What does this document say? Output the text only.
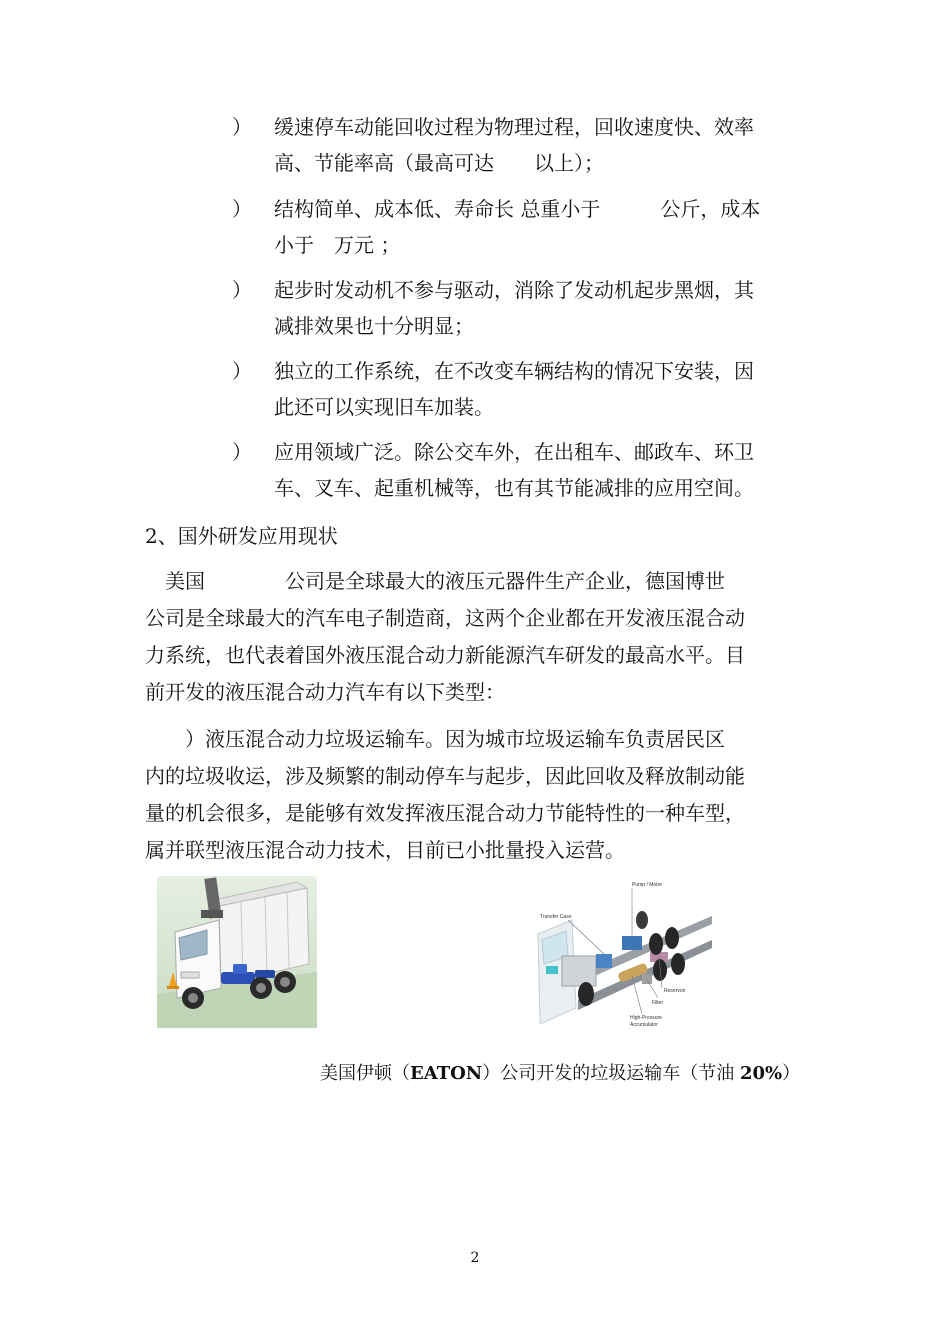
）	缓速停车动能回收过程为物理过程，回收速度快、效率
高、节能率高（最高可达　　以上）；
）	结构简单、成本低、寿命长 总重小于　　　公斤，成本
小于　万元 ；
）	起步时发动机不参与驱动，消除了发动机起步黑烟，其
减排效果也十分明显；
）	独立的工作系统，在不改变车辆结构的情况下安装，因
此还可以实现旧车加装。
）	应用领域广泛。除公交车外，在出租车、邮政车、环卫
车、叉车、起重机械等，也有其节能减排的应用空间。
2、国外研发应用现状
　美国　　　　公司是全球最大的液压元器件生产企业，德国博世
公司是全球最大的汽车电子制造商，这两个企业都在开发液压混合动
力系统，也代表着国外液压混合动力新能源汽车研发的最高水平。目
前开发的液压混合动力汽车有以下类型：
　　）液压混合动力垃圾运输车。因为城市垃圾运输车负责居民区
内的垃圾收运，涉及频繁的制动停车与起步，因此回收及释放制动能
量的机会很多，是能够有效发挥液压混合动力节能特性的一种车型，
属并联型液压混合动力技术，目前已小批量投入运营。
Pump / Motor
Transfer Case
Reservoir
Filter
High-Pressure
Accumulator
美国伊顿（EATON）公司开发的垃圾运输车（节油 20%）
2
